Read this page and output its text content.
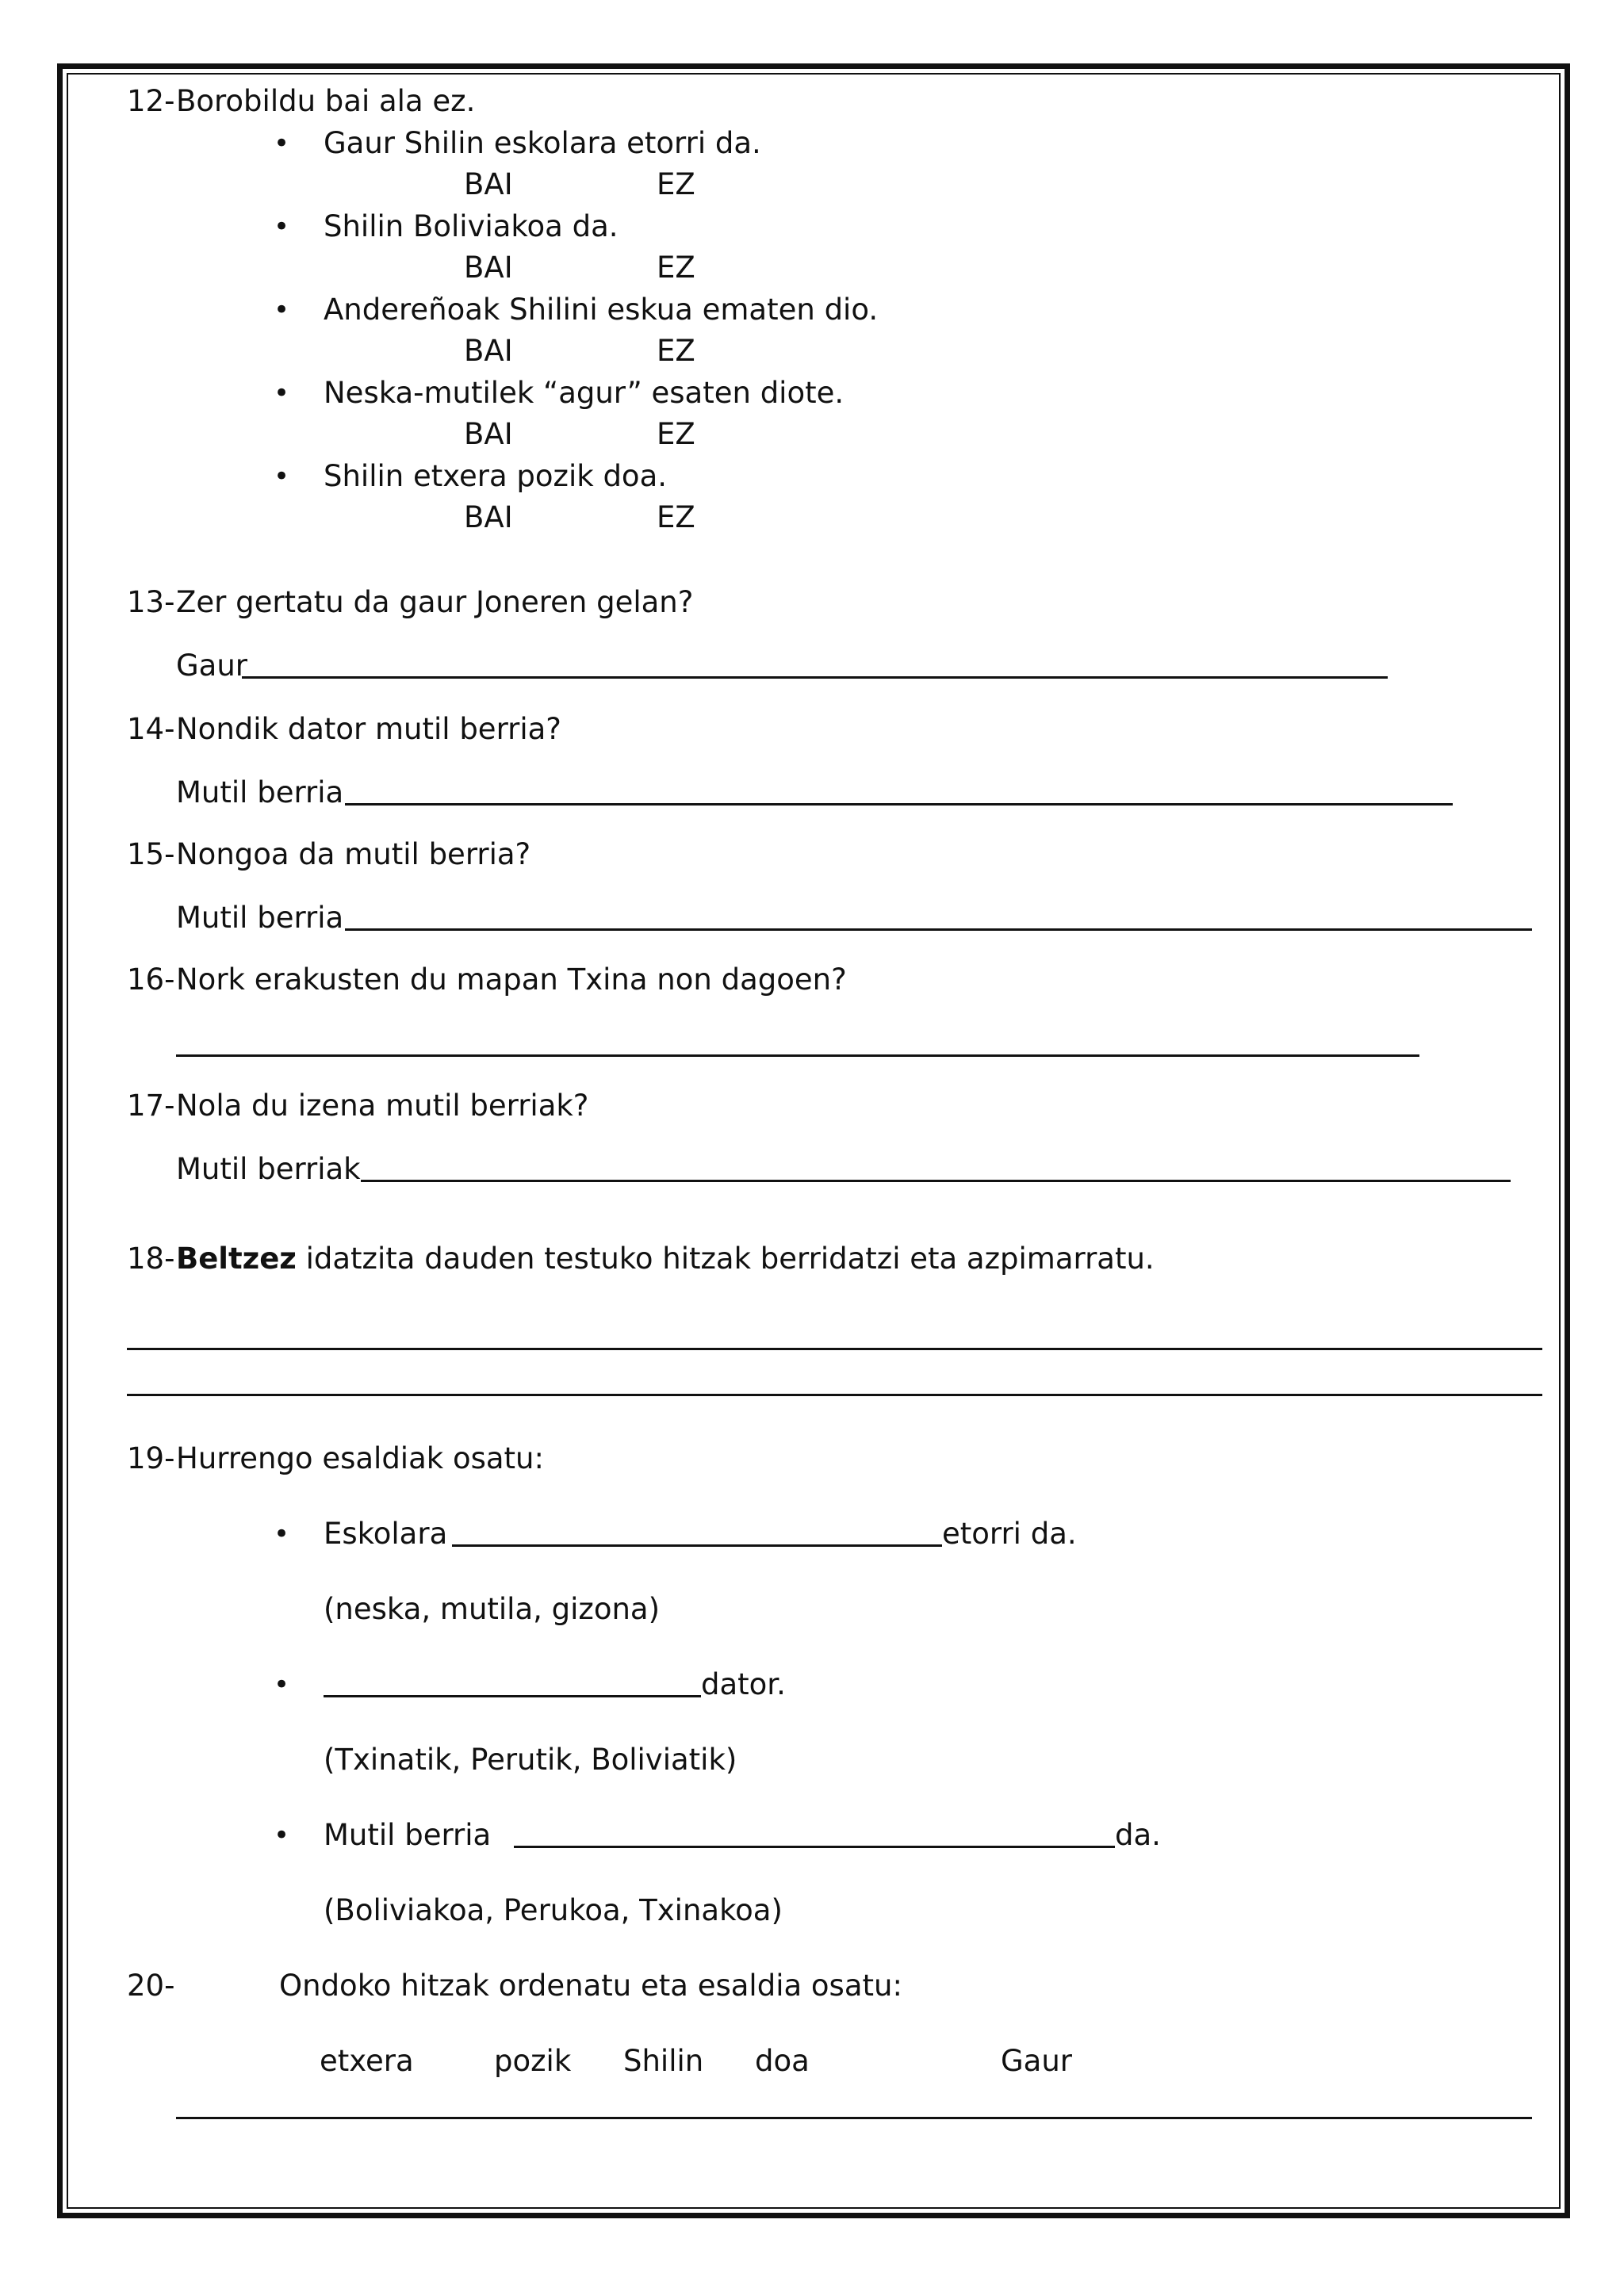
12- Borobildu bai ala ez.
• Gaur Shilin eskolara etorri da.
BAI	EZ
• Shilin Boliviakoa da.
BAI	EZ
• Andereñoak Shilini eskua ematen dio.
BAI	EZ
• Neska-mutilek “agur” esaten diote.
BAI	EZ
• Shilin etxera pozik doa.
BAI	EZ
13- Zer gertatu da gaur Joneren gelan?
Gaur
14- Nondik dator mutil berria?
Mutil berria
15- Nongoa da mutil berria?
Mutil berria
16- Nork erakusten du mapan Txina non dagoen?
17- Nola du izena mutil berriak?
Mutil berriak
18- Beltzez idatzita dauden testuko hitzak berridatzi eta azpimarratu.
19- Hurrengo esaldiak osatu:
• Eskolara	etorri da.
(neska, mutila, gizona)
•	dator.
(Txinatik, Perutik, Boliviatik)
• Mutil berria	da.
(Boliviakoa, Perukoa, Txinakoa)
20-	Ondoko hitzak ordenatu eta esaldia osatu:
etxera	pozik Shilin doa	Gaur
